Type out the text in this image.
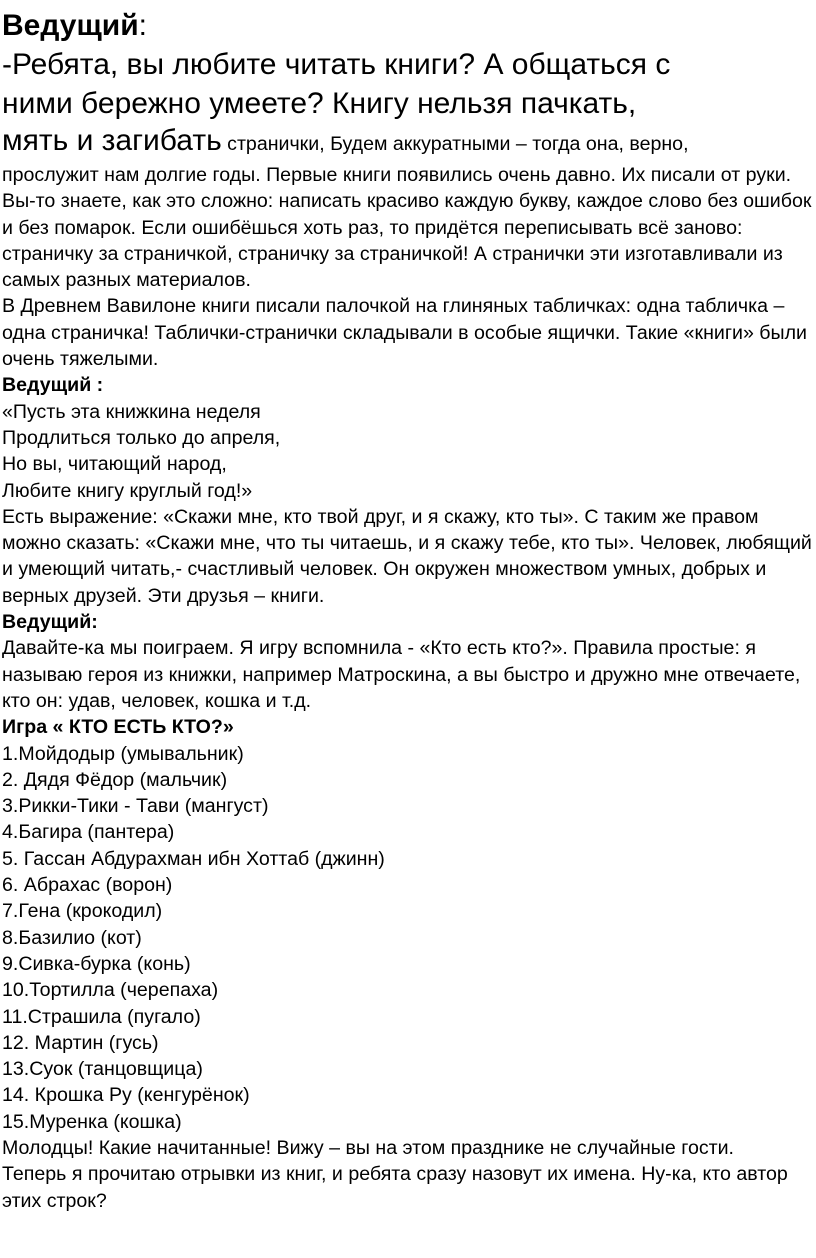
Ведущий:

-Ребята, вы любите читать книги? А общаться с

ними бережно умеете? Книгу нельзя пачкать,

мять и загибать странички, Будем аккуратными – тогда она, верно,

прослужит нам долгие годы. Первые книги появились очень давно. Их писали от руки. Вы-то знаете, как это сложно: написать красиво каждую букву, каждое слово без ошибок и без помарок. Если ошибёшься хоть раз, то придётся переписывать всё заново: страничку за страничкой, страничку за страничкой! А странички эти изготавливали из самых разных материалов.

В Древнем Вавилоне книги писали палочкой на глиняных табличках: одна табличка – одна страничка! Таблички-странички складывали в особые ящички. Такие «книги» были очень тяжелыми.

Ведущий :

«Пусть эта книжкина неделя
Продлиться только до апреля,
Но вы, читающий народ,
Любите книгу круглый год!»

Есть выражение: «Скажи мне, кто твой друг, и я скажу, кто ты». С таким же правом можно сказать: «Скажи мне, что ты читаешь, и я скажу тебе, кто ты». Человек, любящий и умеющий читать,- счастливый человек. Он окружен множеством умных, добрых и верных друзей. Эти друзья – книги.

Ведущий:

Давайте-ка мы поиграем. Я игру вспомнила - «Кто есть кто?». Правила простые: я называю героя из книжки, например Матроскина, а вы быстро и дружно мне отвечаете, кто он: удав, человек, кошка и т.д.

Игра « КТО ЕСТЬ КТО?»

1.Мойдодыр (умывальник)
2. Дядя Фёдор (мальчик)
3.Рикки-Тики - Тави (мангуст)
4.Багира (пантера)
5. Гассан Абдурахман ибн Хоттаб (джинн)
6. Абрахас (ворон)
7.Гена (крокодил)
8.Базилио (кот)
9.Сивка-бурка (конь)
10.Тортилла (черепаха)
11.Страшила (пугало)
12. Мартин (гусь)
13.Суок (танцовщица)
14. Крошка Ру (кенгурёнок)
15.Муренка (кошка)

Молодцы! Какие начитанные! Вижу – вы на этом празднике не случайные гости.

Теперь я прочитаю отрывки из книг, и ребята сразу назовут их имена. Ну-ка, кто автор этих строк?
